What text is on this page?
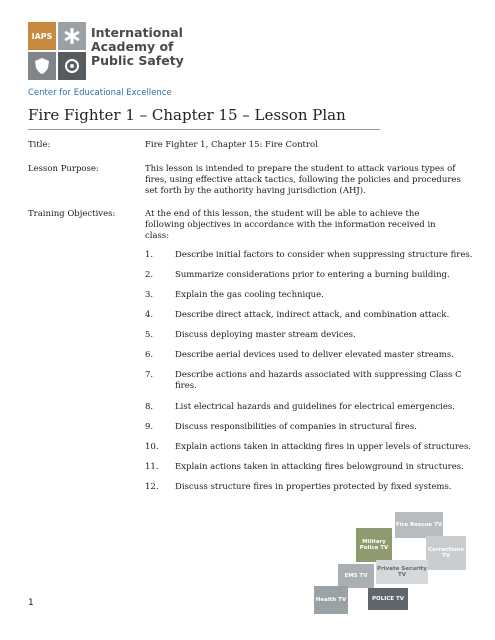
IAPS	International
Academy of
Public Safety
Center for Educational Excellence
Fire Fighter 1 – Chapter 15 – Lesson Plan
Title:	Fire Fighter 1, Chapter 15: Fire Control
Lesson Purpose:	This lesson is intended to prepare the student to attack various types of fires, using effective attack tactics, following the policies and procedures set forth by the authority having jurisdiction (AHJ).
Training Objectives:	At the end of this lesson, the student will be able to achieve the following objectives in accordance with the information received in class:
1.	Describe initial factors to consider when suppressing structure fires.
2.	Summarize considerations prior to entering a burning building.
3.	Explain the gas cooling technique.
4.	Describe direct attack, indirect attack, and combination attack.
5.	Discuss deploying master stream devices.
6.	Describe aerial devices used to deliver elevated master streams.
7.	Describe actions and hazards associated with suppressing Class C fires.
8.	List electrical hazards and guidelines for electrical emergencies.
9.	Discuss responsibilities of companies in structural fires.
10.	Explain actions taken in attacking fires in upper levels of structures.
11.	Explain actions taken in attacking fires belowground in structures.
12.	Discuss structure fires in properties protected by fixed systems.
Fire Rescue TV
Military Police TV	Corrections TV
EMS TV
Private Security TV
Health TV	POLICE TV
1
